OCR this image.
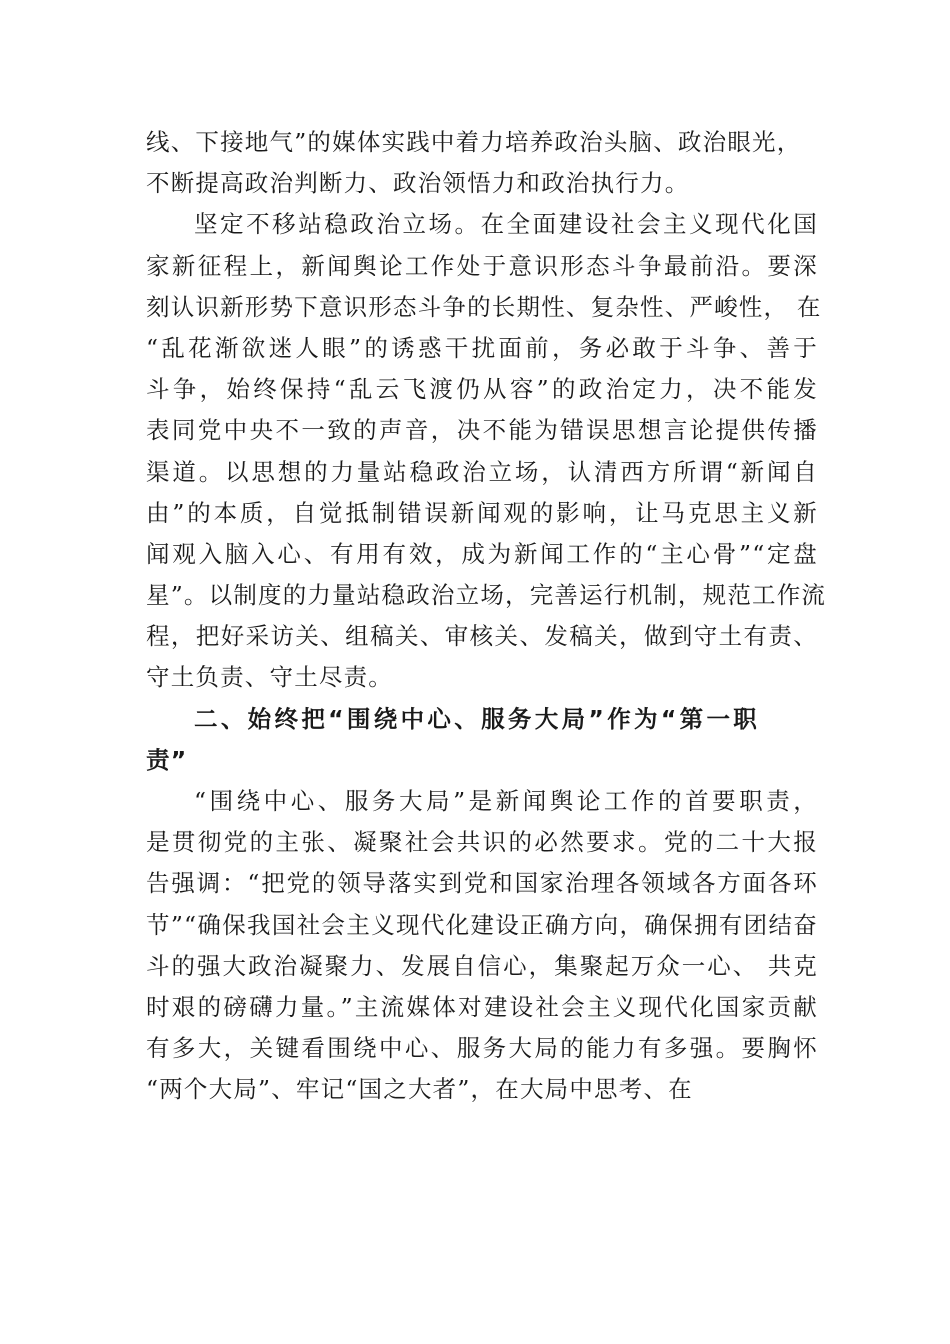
线、下接地气”的媒体实践中着力培养政治头脑、政治眼光，
不断提高政治判断力、政治领悟力和政治执行力。
坚定不移站稳政治立场。在全面建设社会主义现代化国
家新征程上，新闻舆论工作处于意识形态斗争最前沿。要深
刻认识新形势下意识形态斗争的长期性、复杂性、严峻性， 在
“乱花渐欲迷人眼”的诱惑干扰面前，务必敢于斗争、善于
斗争，始终保持“乱云飞渡仍从容”的政治定力，决不能发
表同党中央不一致的声音，决不能为错误思想言论提供传播
渠道。以思想的力量站稳政治立场，认清西方所谓“新闻自
由”的本质，自觉抵制错误新闻观的影响，让马克思主义新
闻观入脑入心、有用有效，成为新闻工作的“主心骨”“定盘
星”。以制度的力量站稳政治立场，完善运行机制，规范工作流
程，把好采访关、组稿关、审核关、发稿关，做到守土有责、
守土负责、守土尽责。
二、始终把“围绕中心、服务大局”作为“第一职
责”
“围绕中心、服务大局”是新闻舆论工作的首要职责，
是贯彻党的主张、凝聚社会共识的必然要求。党的二十大报
告强调：“把党的领导落实到党和国家治理各领域各方面各环
节”“确保我国社会主义现代化建设正确方向，确保拥有团结奋
斗的强大政治凝聚力、发展自信心，集聚起万众一心、 共克
时艰的磅礴力量。”主流媒体对建设社会主义现代化国家贡献
有多大，关键看围绕中心、服务大局的能力有多强。要胸怀
“两个大局”、牢记“国之大者”，在大局中思考、在
